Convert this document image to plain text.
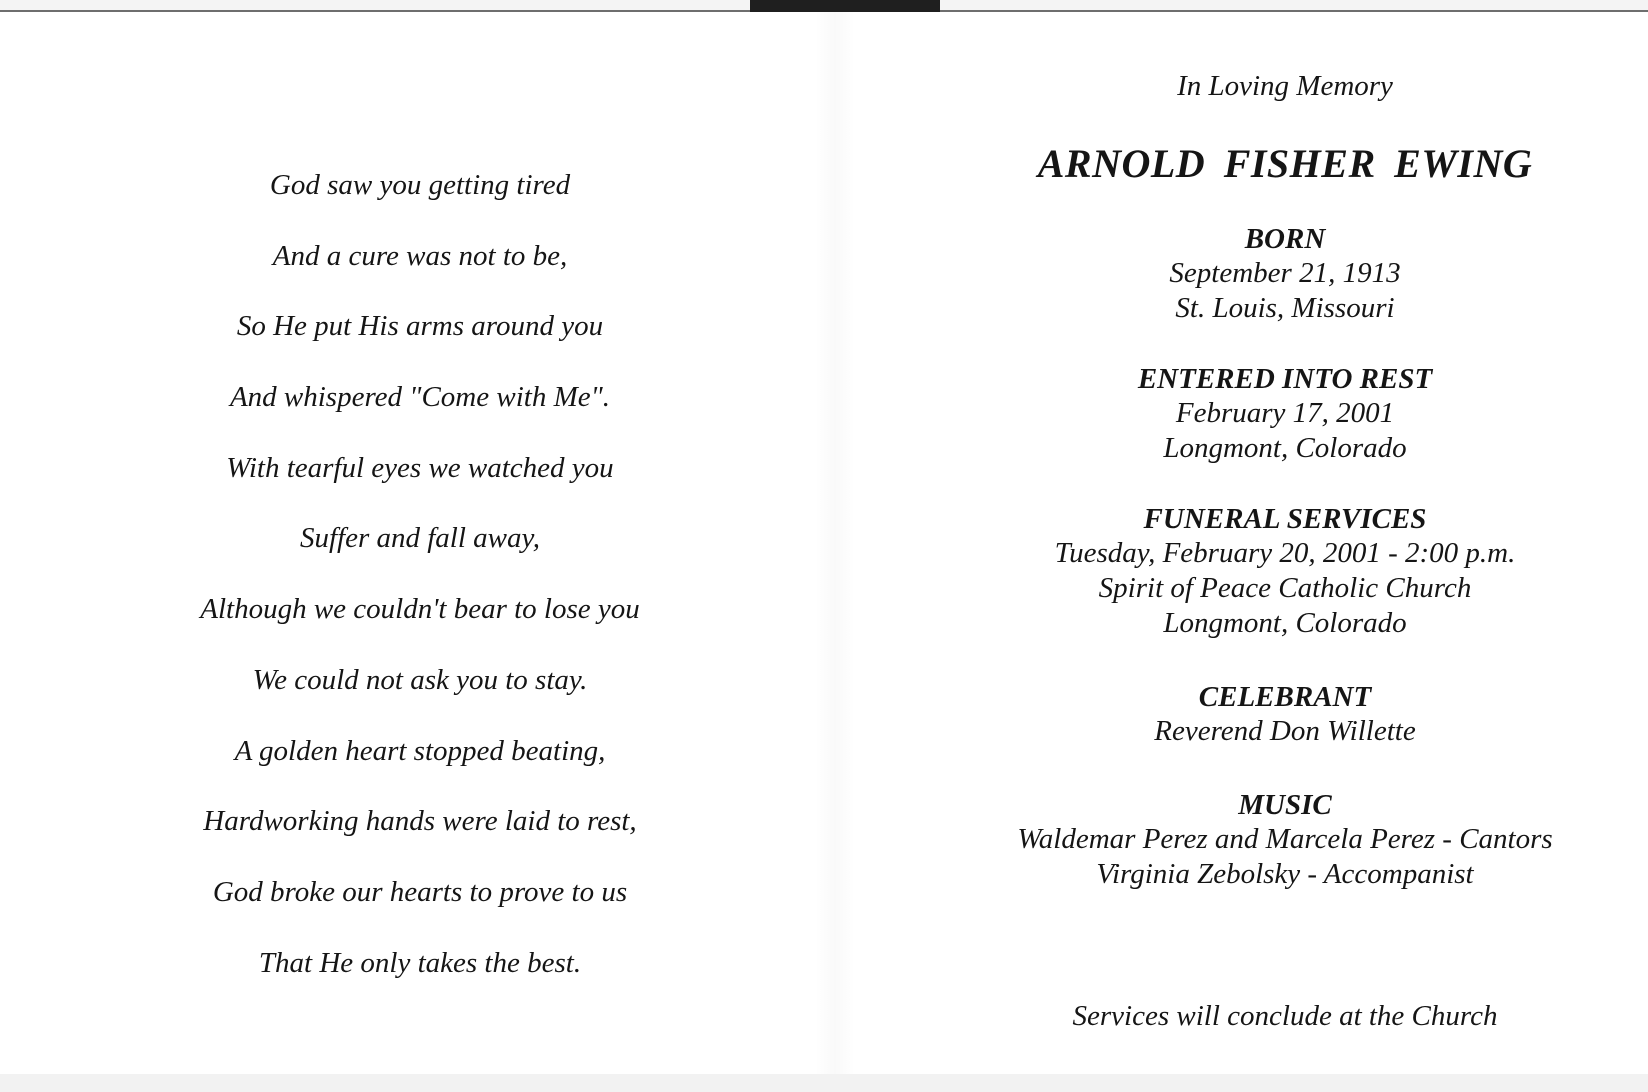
God saw you getting tired
And a cure was not to be,
So He put His arms around you
And whispered "Come with Me".
With tearful eyes we watched you
Suffer and fall away,
Although we couldn't bear to lose you
We could not ask you to stay.
A golden heart stopped beating,
Hardworking hands were laid to rest,
God broke our hearts to prove to us
That He only takes the best.
In Loving Memory
ARNOLD FISHER EWING
BORN
September 21, 1913
St. Louis, Missouri
ENTERED INTO REST
February 17, 2001
Longmont, Colorado
FUNERAL SERVICES
Tuesday, February 20, 2001 - 2:00 p.m.
Spirit of Peace Catholic Church
Longmont, Colorado
CELEBRANT
Reverend Don Willette
MUSIC
Waldemar Perez and Marcela Perez - Cantors
Virginia Zebolsky - Accompanist
Services will conclude at the Church
